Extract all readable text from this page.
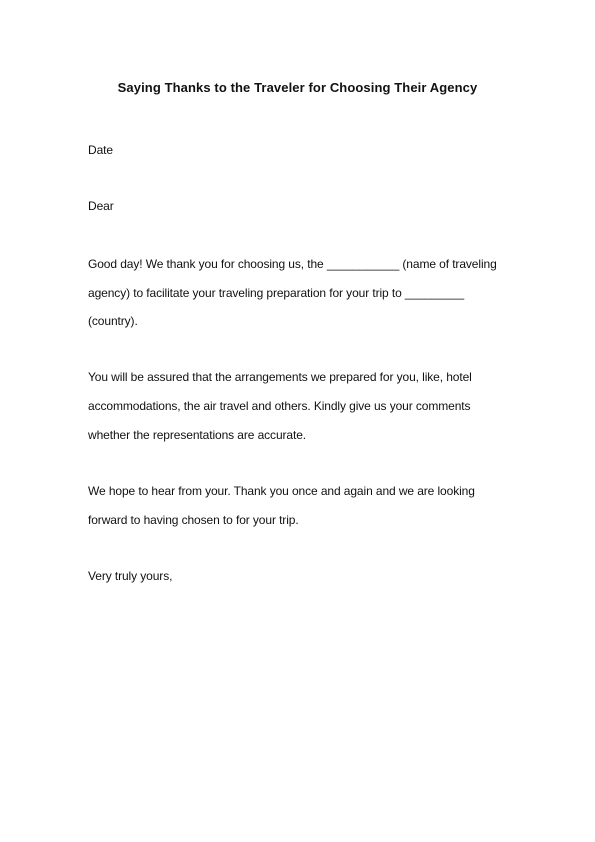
Saying Thanks to the Traveler for Choosing Their Agency
Date
Dear
Good day! We thank you for choosing us, the ___________ (name of traveling
agency) to facilitate your traveling preparation for your trip to _________
(country).
You will be assured that the arrangements we prepared for you, like, hotel
accommodations, the air travel and others. Kindly give us your comments
whether the representations are accurate.
We hope to hear from your. Thank you once and again and we are looking
forward to having chosen to for your trip.
Very truly yours,
